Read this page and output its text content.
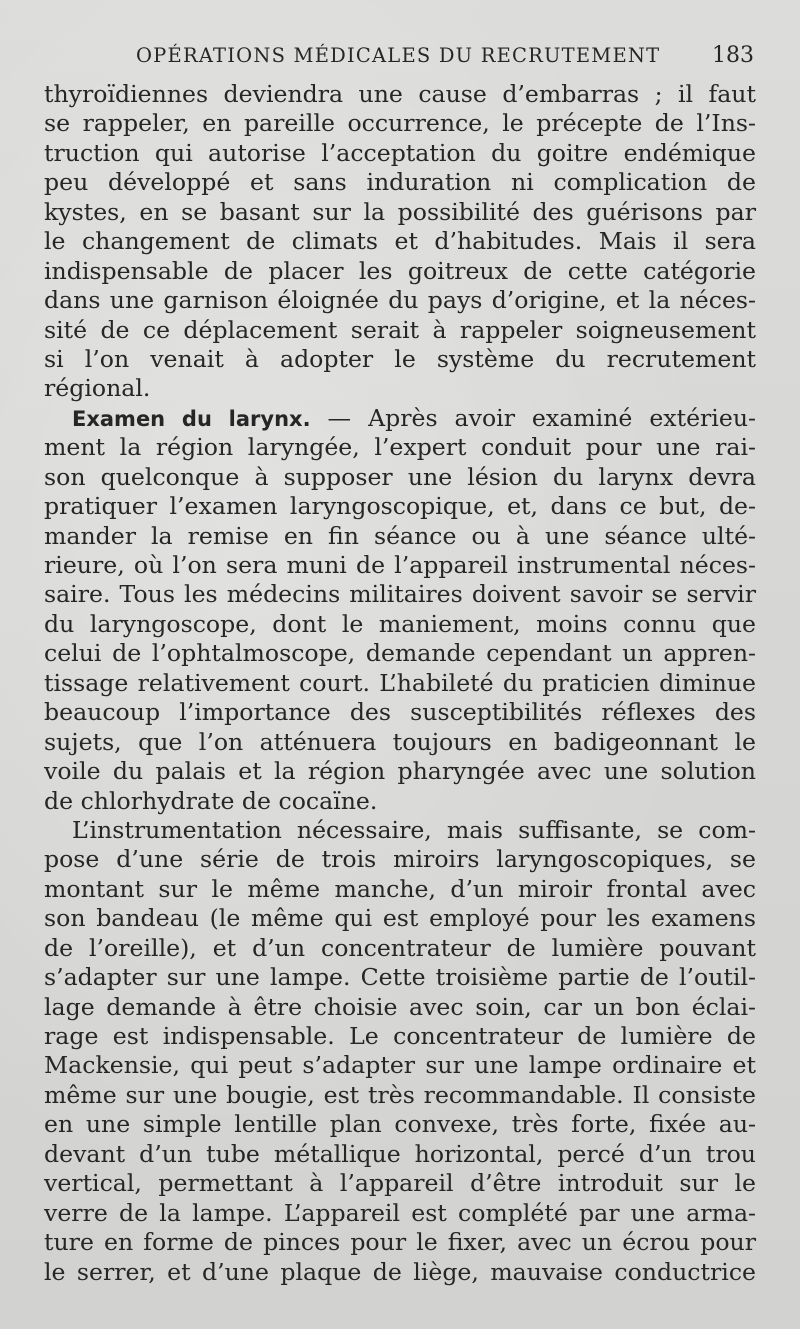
OPÉRATIONS MÉDICALES DU RECRUTEMENT 183
thyroïdiennes deviendra une cause d’embarras ; il faut
se rappeler, en pareille occurrence, le précepte de l’Ins-
truction qui autorise l’acceptation du goitre endémique
peu développé et sans induration ni complication de
kystes, en se basant sur la possibilité des guérisons par
le changement de climats et d’habitudes. Mais il sera
indispensable de placer les goitreux de cette catégorie
dans une garnison éloignée du pays d’origine, et la néces-
sité de ce déplacement serait à rappeler soigneusement
si l’on venait à adopter le système du recrutement
régional.
Examen du larynx. — Après avoir examiné extérieu-
ment la région laryngée, l’expert conduit pour une rai-
son quelconque à supposer une lésion du larynx devra
pratiquer l’examen laryngoscopique, et, dans ce but, de-
mander la remise en fin séance ou à une séance ulté-
rieure, où l’on sera muni de l’appareil instrumental néces-
saire. Tous les médecins militaires doivent savoir se servir
du laryngoscope, dont le maniement, moins connu que
celui de l’ophtalmoscope, demande cependant un appren-
tissage relativement court. L’habileté du praticien diminue
beaucoup l’importance des susceptibilités réflexes des
sujets, que l’on atténuera toujours en badigeonnant le
voile du palais et la région pharyngée avec une solution
de chlorhydrate de cocaïne.
L’instrumentation nécessaire, mais suffisante, se com-
pose d’une série de trois miroirs laryngoscopiques, se
montant sur le même manche, d’un miroir frontal avec
son bandeau (le même qui est employé pour les examens
de l’oreille), et d’un concentrateur de lumière pouvant
s’adapter sur une lampe. Cette troisième partie de l’outil-
lage demande à être choisie avec soin, car un bon éclai-
rage est indispensable. Le concentrateur de lumière de
Mackensie, qui peut s’adapter sur une lampe ordinaire et
même sur une bougie, est très recommandable. Il consiste
en une simple lentille plan convexe, très forte, fixée au-
devant d’un tube métallique horizontal, percé d’un trou
vertical, permettant à l’appareil d’être introduit sur le
verre de la lampe. L’appareil est complété par une arma-
ture en forme de pinces pour le fixer, avec un écrou pour
le serrer, et d’une plaque de liège, mauvaise conductrice
